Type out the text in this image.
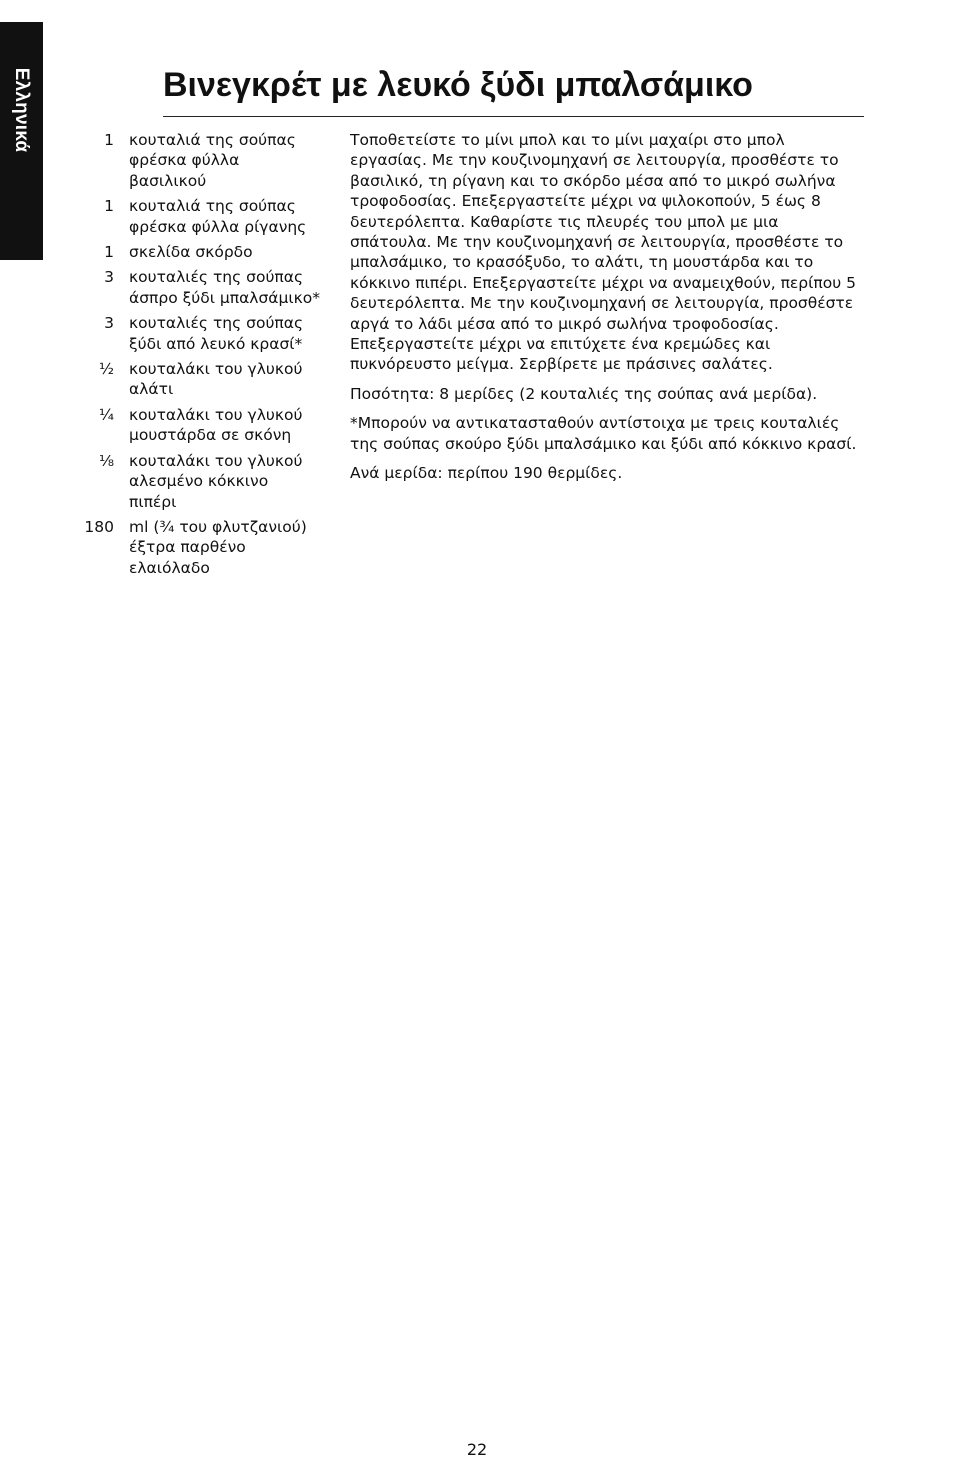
Ελληνικά	Βινεγκρέτ με λευκό ξύδι μπαλσάμικο
1 κουταλιά της σούπας φρέσκα φύλλα βασιλικού
1 κουταλιά της σούπας φρέσκα φύλλα ρίγανης
1 σκελίδα σκόρδο
3 κουταλιές της σούπας άσπρο ξύδι μπαλσάμικο*
3 κουταλιές της σούπας ξύδι από λευκό κρασί*
½ κουταλάκι του γλυκού αλάτι
¼ κουταλάκι του γλυκού μουστάρδα σε σκόνη
⅛ κουταλάκι του γλυκού αλεσμένο κόκκινο πιπέρι
180 ml (¾ του φλυτζανιού) έξτρα παρθένο ελαιόλαδο

Τοποθετείστε το μίνι μπολ και το μίνι μαχαίρι στο μπολ εργασίας. Με την κουζινομηχανή σε λειτουργία, προσθέστε το βασιλικό, τη ρίγανη και το σκόρδο μέσα από το μικρό σωλήνα τροφοδοσίας. Επεξεργαστείτε μέχρι να ψιλοκοπούν, 5 έως 8 δευτερόλεπτα. Καθαρίστε τις πλευρές του μπολ με μια σπάτουλα. Με την κουζινομηχανή σε λειτουργία, προσθέστε το μπαλσάμικο, το κρασόξυδο, το αλάτι, τη μουστάρδα και το κόκκινο πιπέρι. Επεξεργαστείτε μέχρι να αναμειχθούν, περίπου 5 δευτερόλεπτα. Με την κουζινομηχανή σε λειτουργία, προσθέστε αργά το λάδι μέσα από το μικρό σωλήνα τροφοδοσίας. Επεξεργαστείτε μέχρι να επιτύχετε ένα κρεμώδες και πυκνόρευστο μείγμα. Σερβίρετε με πράσινες σαλάτες.

Ποσότητα: 8 μερίδες (2 κουταλιές της σούπας ανά μερίδα).

*Μπορούν να αντικατασταθούν αντίστοιχα με τρεις κουταλιές της σούπας σκούρο ξύδι μπαλσάμικο και ξύδι από κόκκινο κρασί.

Ανά μερίδα: περίπου 190 θερμίδες.

22
